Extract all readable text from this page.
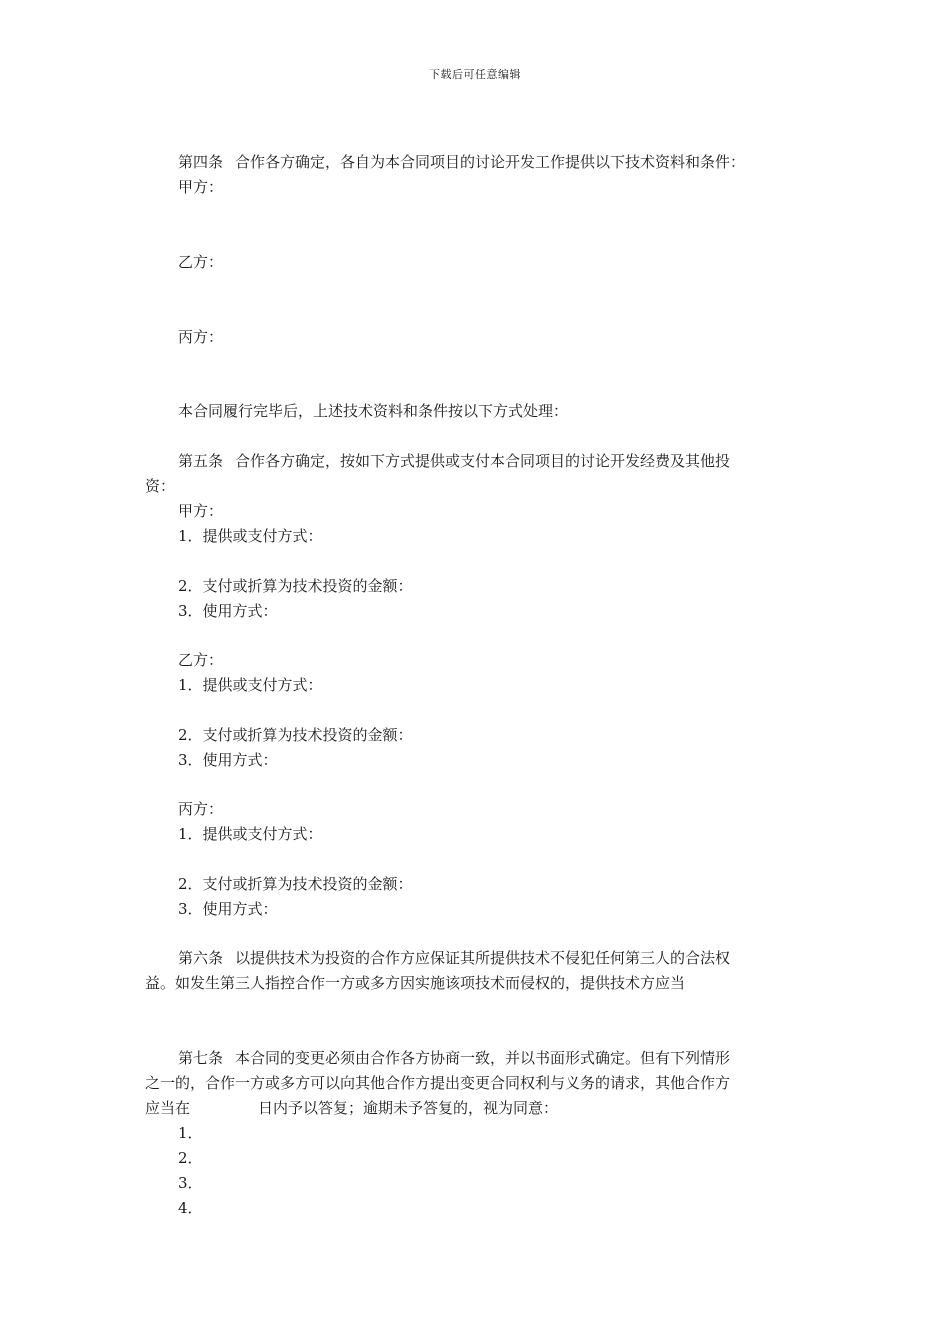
下载后可任意编辑
第四条 合作各方确定，各自为本合同项目的讨论开发工作提供以下技术资料和条件：
甲方：
乙方：
丙方：
本合同履行完毕后，上述技术资料和条件按以下方式处理：
第五条 合作各方确定，按如下方式提供或支付本合同项目的讨论开发经费及其他投
资：
甲方：
1．提供或支付方式：
2．支付或折算为技术投资的金额：
3．使用方式：
乙方：
1．提供或支付方式：
2．支付或折算为技术投资的金额：
3．使用方式：
丙方：
1．提供或支付方式：
2．支付或折算为技术投资的金额：
3．使用方式：
第六条 以提供技术为投资的合作方应保证其所提供技术不侵犯任何第三人的合法权
益。如发生第三人指控合作一方或多方因实施该项技术而侵权的，提供技术方应当
第七条 本合同的变更必须由合作各方协商一致，并以书面形式确定。但有下列情形
之一的，合作一方或多方可以向其他合作方提出变更合同权利与义务的请求，其他合作方
应当在	日内予以答复；逾期未予答复的，视为同意：
1．
2．
3．
4．
